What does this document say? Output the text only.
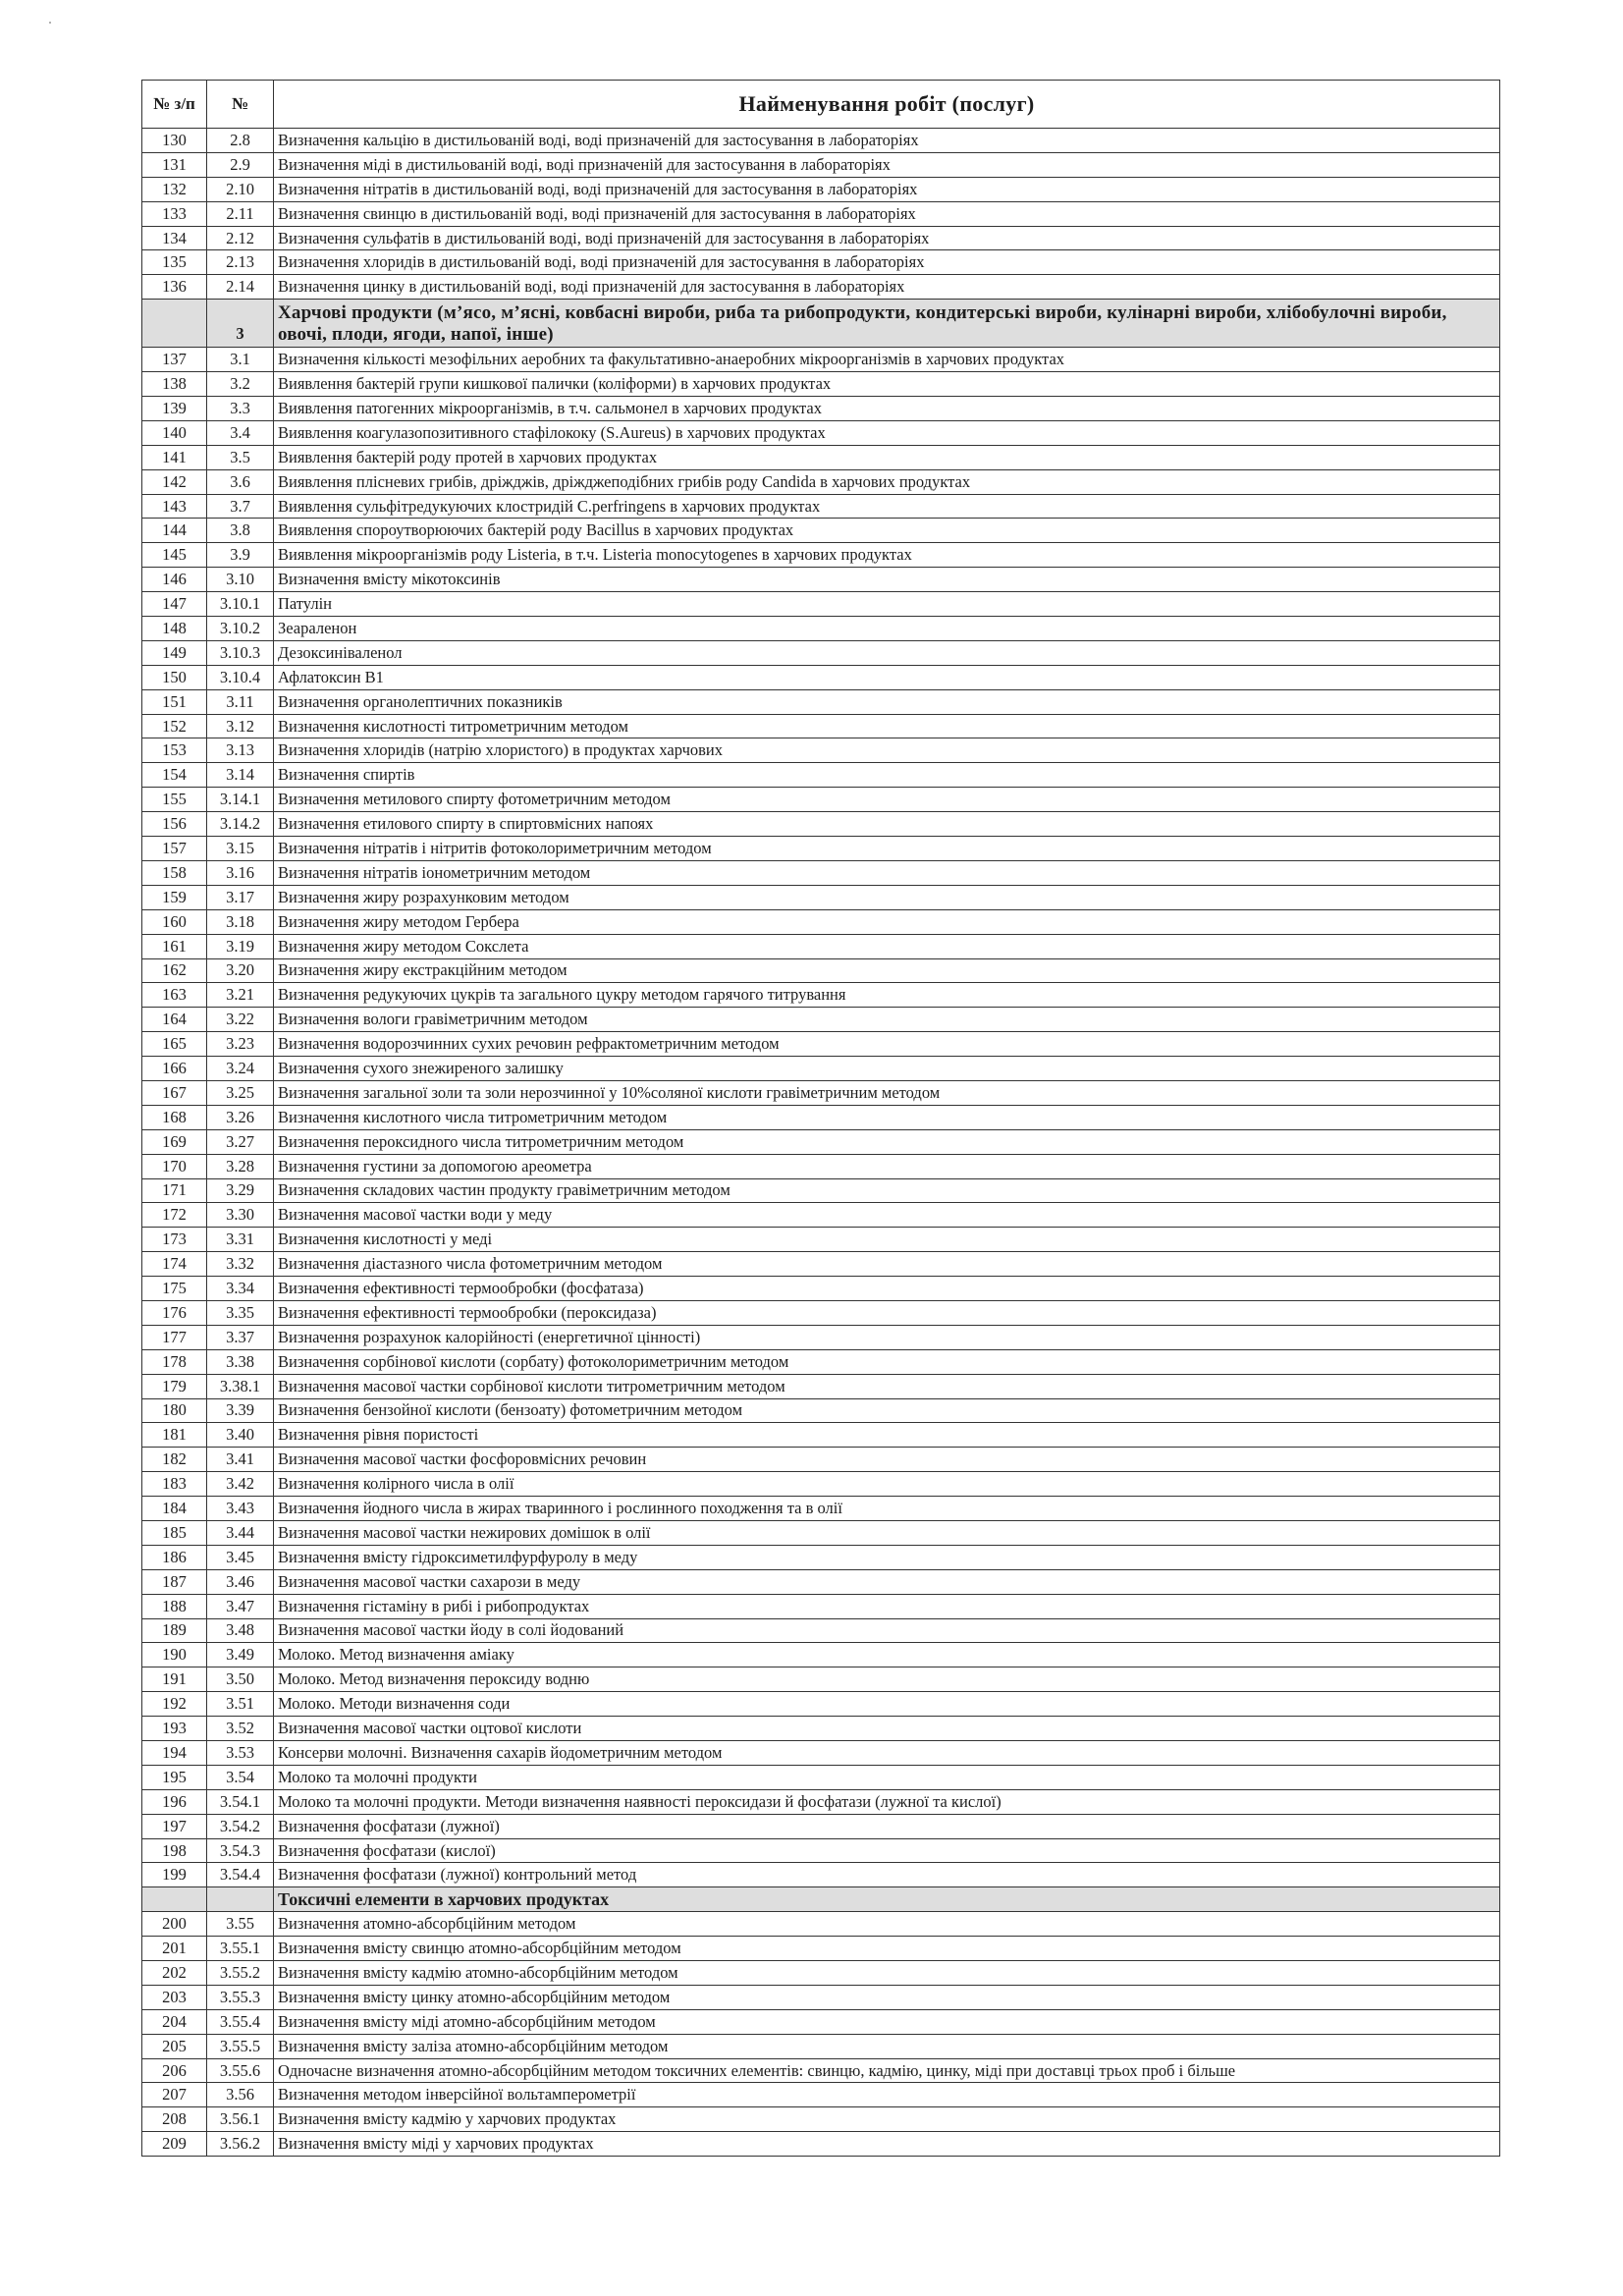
№ з/п	№	Найменування робіт (послуг)
130	2.8	Визначення кальцію в дистильованій воді, воді призначеній для застосування в лабораторіях
131	2.9	Визначення міді в дистильованій воді, воді призначеній для застосування в лабораторіях
132	2.10	Визначення нітратів в дистильованій воді, воді призначеній для застосування в лабораторіях
133	2.11	Визначення свинцю в дистильованій воді, воді призначеній для застосування в лабораторіях
134	2.12	Визначення сульфатів в дистильованій воді, воді призначеній для застосування в лабораторіях
135	2.13	Визначення хлоридів в дистильованій воді, воді призначеній для застосування в лабораторіях
136	2.14	Визначення цинку в дистильованій воді, воді призначеній для застосування в лабораторіях
	3	Харчові продукти (м’ясо, м’ясні, ковбасні вироби, риба та рибопродукти, кондитерські вироби, кулінарні вироби, хлібобулочні вироби, овочі, плоди, ягоди, напої, інше)
137	3.1	Визначення кількості мезофільних аеробних та факультативно-анаеробних мікроорганізмів в харчових продуктах
138	3.2	Виявлення бактерій групи кишкової палички (коліформи) в харчових продуктах
139	3.3	Виявлення патогенних мікроорганізмів, в т.ч. сальмонел в харчових продуктах
140	3.4	Виявлення коагулазопозитивного стафілококу (S.Aureus) в харчових продуктах
141	3.5	Виявлення бактерій роду протей в харчових продуктах
142	3.6	Виявлення плісневих грибів, дріжджів, дріжджеподібних грибів роду Candida в харчових продуктах
143	3.7	Виявлення сульфітредукуючих клостридій C.perfringens в харчових продуктах
144	3.8	Виявлення спороутворюючих бактерій роду Bacillus в харчових продуктах
145	3.9	Виявлення мікроорганізмів роду Listeria, в т.ч. Listeria monocytogenes в харчових продуктах
146	3.10	Визначення вмісту мікотоксинів
147	3.10.1	Патулін
148	3.10.2	Зеараленон
149	3.10.3	Дезоксиніваленол
150	3.10.4	Афлатоксин В1
151	3.11	Визначення органолептичних показників
152	3.12	Визначення кислотності титрометричним методом
153	3.13	Визначення хлоридів (натрію хлористого) в продуктах харчових
154	3.14	Визначення спиртів
155	3.14.1	Визначення метилового спирту фотометричним методом
156	3.14.2	Визначення етилового спирту в спиртовмісних напоях
157	3.15	Визначення нітратів і нітритів фотоколориметричним методом
158	3.16	Визначення нітратів іонометричним методом
159	3.17	Визначення жиру розрахунковим методом
160	3.18	Визначення жиру методом Гербера
161	3.19	Визначення жиру методом Сокслета
162	3.20	Визначення жиру екстракційним методом
163	3.21	Визначення редукуючих цукрів та загального цукру методом гарячого титрування
164	3.22	Визначення вологи гравіметричним методом
165	3.23	Визначення водорозчинних сухих речовин рефрактометричним методом
166	3.24	Визначення сухого знежиреного залишку
167	3.25	Визначення загальної золи та золи нерозчинної у 10%соляної кислоти гравіметричним методом
168	3.26	Визначення кислотного числа титрометричним методом
169	3.27	Визначення пероксидного числа титрометричним методом
170	3.28	Визначення густини за допомогою ареометра
171	3.29	Визначення складових частин продукту гравіметричним методом
172	3.30	Визначення масової частки води у меду
173	3.31	Визначення кислотності у меді
174	3.32	Визначення діастазного числа фотометричним методом
175	3.34	Визначення ефективності термообробки (фосфатаза)
176	3.35	Визначення ефективності термообробки (пероксидаза)
177	3.37	Визначення розрахунок калорійності (енергетичної цінності)
178	3.38	Визначення сорбінової кислоти (сорбату) фотоколориметричним методом
179	3.38.1	Визначення масової частки сорбінової кислоти титрометричним методом
180	3.39	Визначення бензойної кислоти (бензоату) фотометричним методом
181	3.40	Визначення рівня пористості
182	3.41	Визначення масової частки фосфоровмісних речовин
183	3.42	Визначення колірного числа в олії
184	3.43	Визначення йодного числа в жирах тваринного і рослинного походження та в олії
185	3.44	Визначення масової частки нежирових домішок в олії
186	3.45	Визначення вмісту гідроксиметилфурфуролу в меду
187	3.46	Визначення масової частки сахарози в меду
188	3.47	Визначення гістаміну в рибі і рибопродуктах
189	3.48	Визначення масової частки йоду в солі йодований
190	3.49	Молоко. Метод визначення аміаку
191	3.50	Молоко. Метод визначення пероксиду водню
192	3.51	Молоко. Методи визначення соди
193	3.52	Визначення масової частки оцтової кислоти
194	3.53	Консерви молочні. Визначення сахарів йодометричним методом
195	3.54	Молоко та молочні продукти
196	3.54.1	Молоко та молочні продукти. Методи визначення наявності пероксидази й фосфатази (лужної та кислої)
197	3.54.2	Визначення фосфатази (лужної)
198	3.54.3	Визначення фосфатази (кислої)
199	3.54.4	Визначення фосфатази (лужної) контрольний метод
		Токсичні елементи в харчових продуктах
200	3.55	Визначення атомно-абсорбційним методом
201	3.55.1	Визначення вмісту свинцю атомно-абсорбційним методом
202	3.55.2	Визначення вмісту кадмію атомно-абсорбційним методом
203	3.55.3	Визначення вмісту цинку атомно-абсорбційним методом
204	3.55.4	Визначення вмісту міді атомно-абсорбційним методом
205	3.55.5	Визначення вмісту заліза атомно-абсорбційним методом
206	3.55.6	Одночасне визначення атомно-абсорбційним методом токсичних елементів: свинцю, кадмію, цинку, міді при доставці трьох проб і більше
207	3.56	Визначення методом інверсійної вольтамперометрії
208	3.56.1	Визначення вмісту кадмію у харчових продуктах
209	3.56.2	Визначення вмісту міді у харчових продуктах
